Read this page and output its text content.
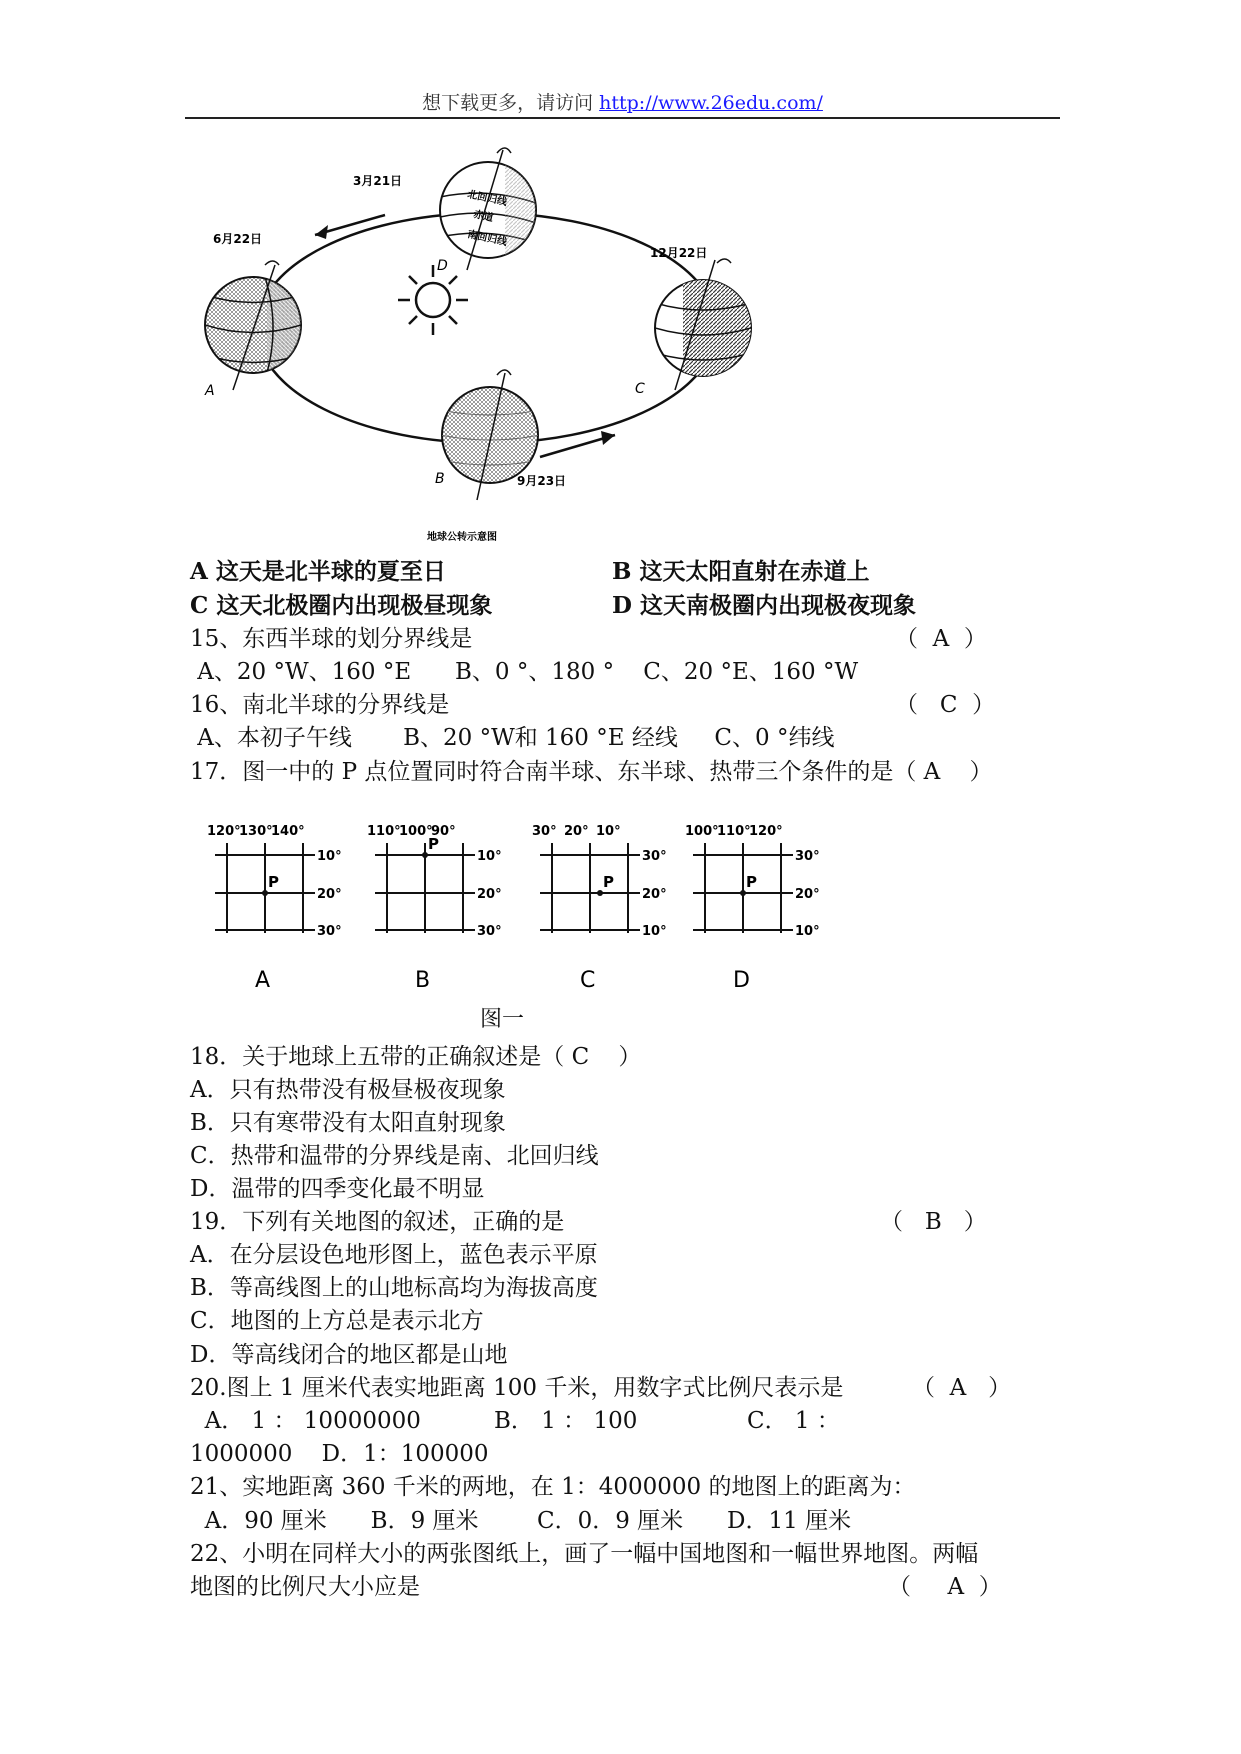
想下载更多，请访问 http://www.26edu.com/
3月21日
6月22日
12月22日
9月23日
北回归线
赤道
南回归线
A
B
C
D
地球公转示意图
A 这天是北半球的夏至日	B 这天太阳直射在赤道上
C 这天北极圈内出现极昼现象	D 这天南极圈内出现极夜现象
15、东西半球的划分界线是	（  A  ）
A、20 °W、160 °E      B、0 °、180 °    C、20 °E、160 °W
16、南北半球的分界线是	（   C  ）
A、本初子午线       B、20 °W和 160 °E 经线     C、0 °纬线
17．图一中的 P 点位置同时符合南半球、东半球、热带三个条件的是（ A    ）
120°
130°
140°
10°
20°
30°
P
A
110°
100°
90°
10°
20°
30°
P
B
30° 20° 10°
30°
20°
10°
P
C
100°
110°
120°
30°
20°
10°
P
D
图一
18．关于地球上五带的正确叙述是（ C    ）
A．只有热带没有极昼极夜现象
B．只有寒带没有太阳直射现象
C．热带和温带的分界线是南、北回归线
D．温带的四季变化最不明显
19．下列有关地图的叙述，正确的是	（   B   ）
A．在分层设色地形图上，蓝色表示平原
B．等高线图上的山地标高均为海拔高度
C．地图的上方总是表示北方
D．等高线闭合的地区都是山地
20.图上 1 厘米代表实地距离 100 千米，用数字式比例尺表示是	（  A   ）
A． 1 ： 10000000          B． 1 ： 100               C． 1 ：
1000000    D．1：100000
21、实地距离 360 千米的两地，在 1：4000000 的地图上的距离为：
A．90 厘米      B．9 厘米        C．0．9 厘米      D．11 厘米
22、小明在同样大小的两张图纸上，画了一幅中国地图和一幅世界地图。两幅
地图的比例尺大小应是	（     A  ）
